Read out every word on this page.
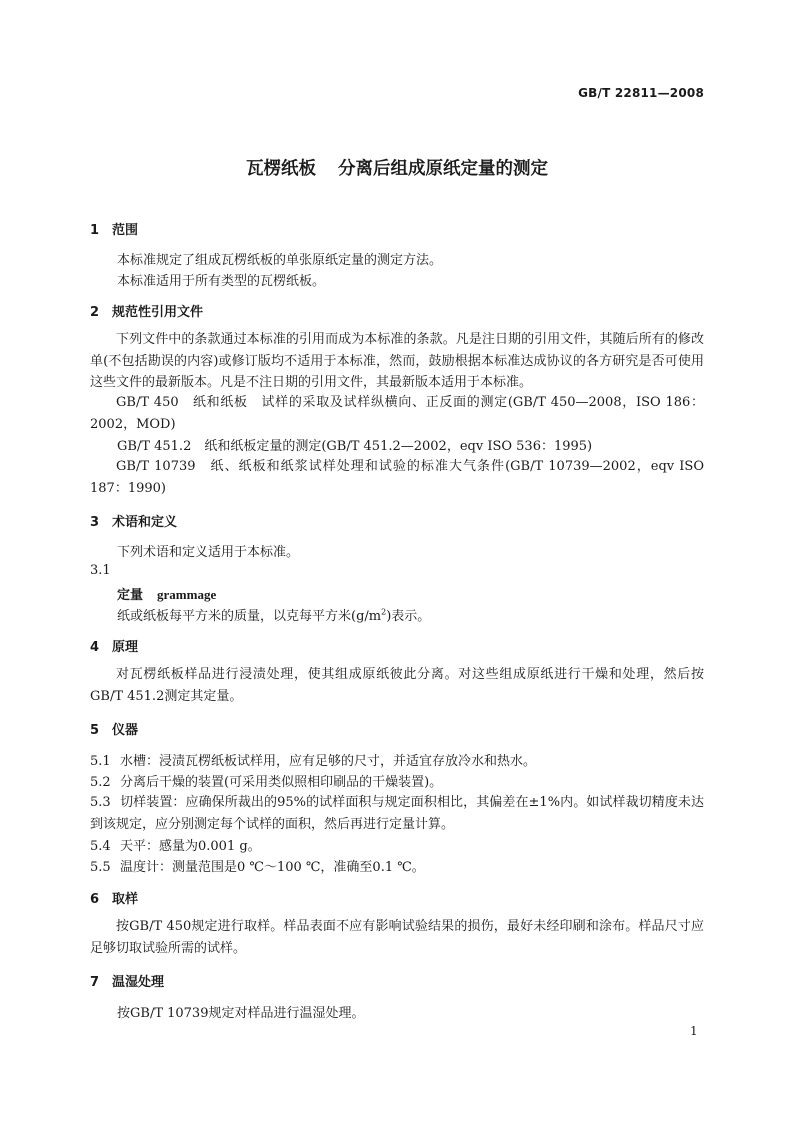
GB/T 22811—2008
瓦楞纸板 分离后组成原纸定量的测定
1 范围
本标准规定了组成瓦楞纸板的单张原纸定量的测定方法。
本标准适用于所有类型的瓦楞纸板。
2 规范性引用文件
下列文件中的条款通过本标准的引用而成为本标准的条款。凡是注日期的引用文件，其随后所有的修改单(不包括勘误的内容)或修订版均不适用于本标准，然而，鼓励根据本标准达成协议的各方研究是否可使用这些文件的最新版本。凡是不注日期的引用文件，其最新版本适用于本标准。
GB/T 450　纸和纸板　试样的采取及试样纵横向、正反面的测定(GB/T 450—2008，ISO 186：2002，MOD)
GB/T 451.2　纸和纸板定量的测定(GB/T 451.2—2002，eqv ISO 536：1995)
GB/T 10739　纸、纸板和纸浆试样处理和试验的标准大气条件(GB/T 10739—2002，eqv ISO 187：1990)
3 术语和定义
下列术语和定义适用于本标准。
3.1
定量 grammage
纸或纸板每平方米的质量，以克每平方米$(g/m^2)$表示。
4 原理
对瓦楞纸板样品进行浸渍处理，使其组成原纸彼此分离。对这些组成原纸进行干燥和处理，然后按GB/T 451.2测定其定量。
5 仪器
5.1 水槽：浸渍瓦楞纸板试样用，应有足够的尺寸，并适宜存放冷水和热水。
5.2 分离后干燥的装置(可采用类似照相印刷品的干燥装置)。
5.3 切样装置：应确保所裁出的95%的试样面积与规定面积相比，其偏差在±1%内。如试样裁切精度未达到该规定，应分别测定每个试样的面积，然后再进行定量计算。
5.4 天平：感量为0.001 g。
5.5 温度计：测量范围是0 ℃～100 ℃，准确至0.1 ℃。
6 取样
按GB/T 450规定进行取样。样品表面不应有影响试验结果的损伤，最好未经印刷和涂布。样品尺寸应足够切取试验所需的试样。
7 温湿处理
按GB/T 10739规定对样品进行温湿处理。
1
